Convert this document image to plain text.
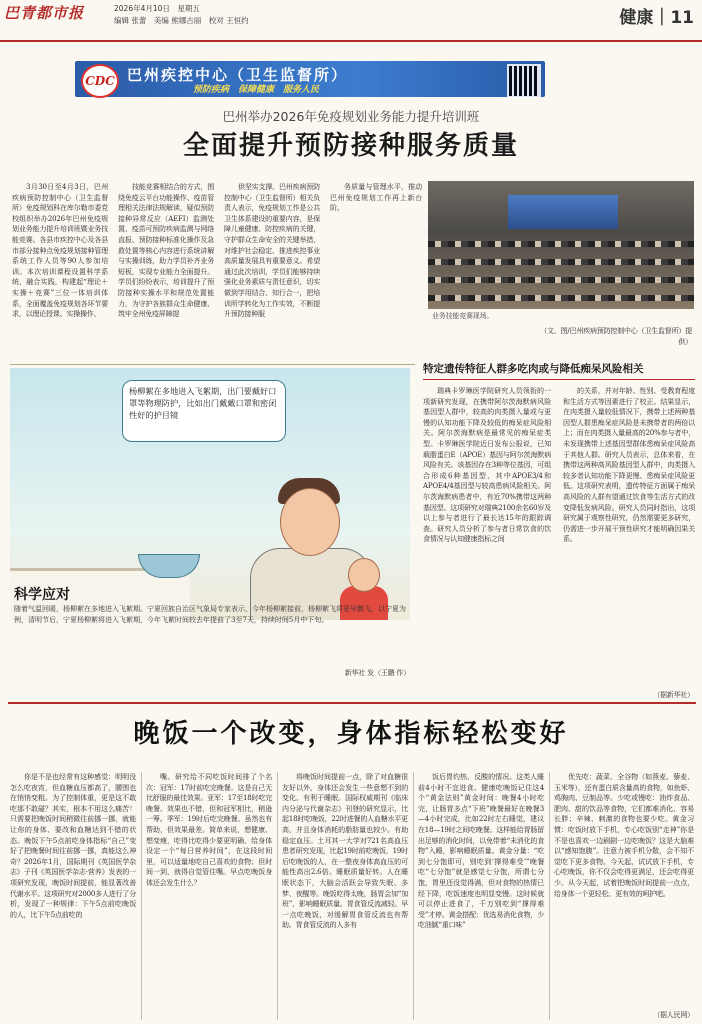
巴青都市报	2026年4月10日　星期五
编辑 张蕾　美编 熊娜古丽　校对 王恒约	健康｜11
CDC 巴州疾控中心（卫生监督所）
预防疾病　保障健康　服务人民
巴州举办2026年免疫规划业务能力提升培训班
全面提升预防接种服务质量

3月30日至4月3日，巴州疾病预防控制中心（卫生监督所）免疫规划科在库尔勒市委党校组织举办2026年巴州免疫规划业务能力提升培训班暨业务技能竞赛。各县市疾控中心及各县市部分接种点免疫规划接种管理系统工作人员等90人参加培训。本次培训课程设置科学系统，融合实践，构建起“理论＋实操＋竞赛”三位一体培训体系，全面覆盖免疫规划各环节要求，以理论授课、实操操作、

技能竞赛相结合的方式，围绕免疫云平台功能操作、疫苗管理相关法律法规解读、疑似预防接种异常反应（AEFI）监测处置、疫苗可预防疾病监测与网络直报、预防接种标准化操作及急救处置等核心内容进行系统讲解与实操训练，助力学员补齐业务短板，实现专业能力全面提升。学员们纷纷表示，培训提升了预防接种实操水平和规范处置能力，为守护各族群众生命健康、筑牢全州免疫屏障提

供坚实支撑。巴州疾病预防控制中心（卫生监督所）相关负责人表示，免疫规划工作是公共卫生体系建设的重要内容，是保障儿童健康、防控疾病的关键，守护群众生命安全的关键举措，对维护社会稳定、推进疾控事业高质量发展具有重要意义。希望通过此次培训，学员们能够持续强化业务素质与责任意识，切实做到学用结合、知行合一，把培训所学转化为工作实效，不断提升预防接种服

务质量与管理水平，推动巴州免疫规划工作再上新台阶。

业务技能竞赛现场。
（文、图/巴州疾病预防控制中心（卫生监督所）提供）
杨柳絮在多地进入飞絮期，出门要戴好口罩等物理防护，比如出门戴戴口罩和密闭性好的护目镜
科学应对
随着气温回暖，杨柳絮在多地进入飞絮期。宁夏回族自治区气象局专家表示，今年杨柳絮接前，杨柳絮飞将更早飘飞。以宁夏为例，清明节后，宁夏杨柳絮将进入飞絮期，今年飞絮时间较去年提前了3至7天，持续时间5月中下旬。
新华社 发（王鹏 作）
特定遗传特征人群多吃肉或与降低痴呆风险相关

瑞典卡罗琳医学院研究人员领衔的一项新研究发现，在携带阿尔茨海默病风险基因型人群中，较高的肉类摄入量或与更慢的认知功能下降及较低的痴呆症风险相关。阿尔茨海默病是最常见的痴呆症类型。卡罗琳医学院近日发布公报说，已知载脂蛋白E（APOE）基因与阿尔茨海默病风险有关。该基因存在3种等位基因，可组合形成6种基因型，其中APOE3/4和APOE4/4基因型与较高患病风险相关。阿尔茨海默病患者中，有近70%携带这两种基因型。这项研究对瑞典2100余名60岁及以上参与者进行了最长达15年的跟踪调查。研究人员分析了参与者日常饮食的饮食情况与认知健康指标之间

的关系，并对年龄、性别、受教育程度和生活方式等因素进行了校正。结果显示，在肉类摄入量较低情况下，携带上述两种基因型人群患痴呆症风险是未携带者的两倍以上；而在肉类摄入量最高的20%参与者中，未发现携带上述基因型群体患痴呆症风险高于其他人群。研究人员表示，总体来看，在携带这两种高风险基因型人群中，肉类摄入较多者认知功能下降更慢、患痴呆症风险更低。这项研究表明，遗传特征方面属于痴呆高风险的人群有望通过饮食等生活方式的改变降低发病风险。研究人员同时指出，这项研究属于观察性研究，仍然需要更多研究，仍需进一步开展干预性研究才能明确因果关系。

（据新华社）
晚饭一个改变，身体指标轻松变好

你是不是也经常有这种感觉：明明没怎么吃夜宵，但血糖血压都高了，腰围也在悄悄变粗。为了控制体重，更是这不敢吃那不敢碰？其实，根本不用这么痛苦！只需要把晚饭时间稍微往前挪一挪，就能让你的身体、要改和血糖达到不错的状态。晚饭下午5点前吃身体指标“自己”变好了把晚餐时间往前挪一挪，真能这么神奇？2026年1月，国际期刊《英国医学杂志》子刊《英国医学杂志·营养》发表的一项研究发现，晚饭时间提前，能显著改善代谢水平。这项研究对2000多人进行了分析，发现了一种规律：下午5点前吃晚饭的人，比下午5点前吃的

嘴。研究给不同吃饭时间排了个名次：冠军：17时前吃完晚餐。这是自己无比舒服的最佳效果。亚军：17至18时吃完晚餐。效果也不错，但和冠军相比，稍逊一筹。季军：19时后吃完晚餐。虽然也有帮助，但效果最差。简单来说，想健康、想变瘦，吃得比吃得少要更明确、给身体设定一个“每日营养时间”，在这段时间里，可以适量地吃自己喜欢的食物；但时间一到，就得自觉管住嘴。早点吃晚饭身体还会发生什么？

将晚饭时间提前一点，除了对血糖很友好以外，身体还会发生一些意想不到的变化。有利于睡眠。国际权威期刊《临床内分泌与代谢杂志》刊登的研究显示，比起18时吃晚饭，22时进餐的人血糖水平更高，并且身体消耗的脂肪量也较少。有助稳定血压。土耳其一大学对721名高血压患者研究发现，比起19时前吃晚饭，19时后吃晚饭的人，在一整夜身体高血压的可能性高出2.6倍。睡眠质量好转。人在睡眠状态下，大脑会活跃会导致失眠、多梦、夜醒等。晚饭吃得太晚，肠胃会加“加班”，影响睡眠质量。胃食管反流减轻。早一点吃晚饭，对缓解胃食管反流也有帮助。胃食管反流的人多有

饭后胃灼热、反酸的情况。这类人睡前4小时不宜进食。健康吃晚饭记住这4个“黄金法则”黄金时间：晚餐4小时吃完，让肠胃多点“下班”晚餐最好在晚餐3—4小时完成，比如22时左右睡觉，建议在18—19时之间吃晚餐。这样能给胃肠留出足够的消化时间，以免带着“未消化的食物”入睡，影响睡眠质量。黄金分量：“吃到七分饱即可，别吃到‘撑得难受’”晚餐吃“七分饱”就是感觉七分饱，所谓七分饱，胃里还没觉得满，但对食物的热情已经下降，吃饭速度也明显变慢。这时候就可以停止进食了，千万别吃到“撑得难受”才停。黄金搭配：优选易消化食物，少吃油腻“重口味”

优先吃：蔬菜、全谷物（如燕麦、藜麦、玉米等），还有蛋白质含量高的食物，如鱼虾、鸡胸肉、豆制品等。少吃或慢吃：油炸食品、肥肉、甜的饮品等食物，它们都难消化、容易长胖；辛辣、刺激的食物也要少吃。黄金习惯：吃饭时放下手机，专心吃饭别“走神”你是不是也喜欢一边刷剧一边吃晚饭？这是大脑难以“感知饱腹”。注意力被手机分散，会不知不觉吃下更多食物。今天起，试试放下手机，专心吃晚饭，你不仅会吃得更满足，还会吃得更少。从今天起，试着把晚饭时间提前一点点，给身体一个更轻松、更有效的呵护吧。

（据人民网）
